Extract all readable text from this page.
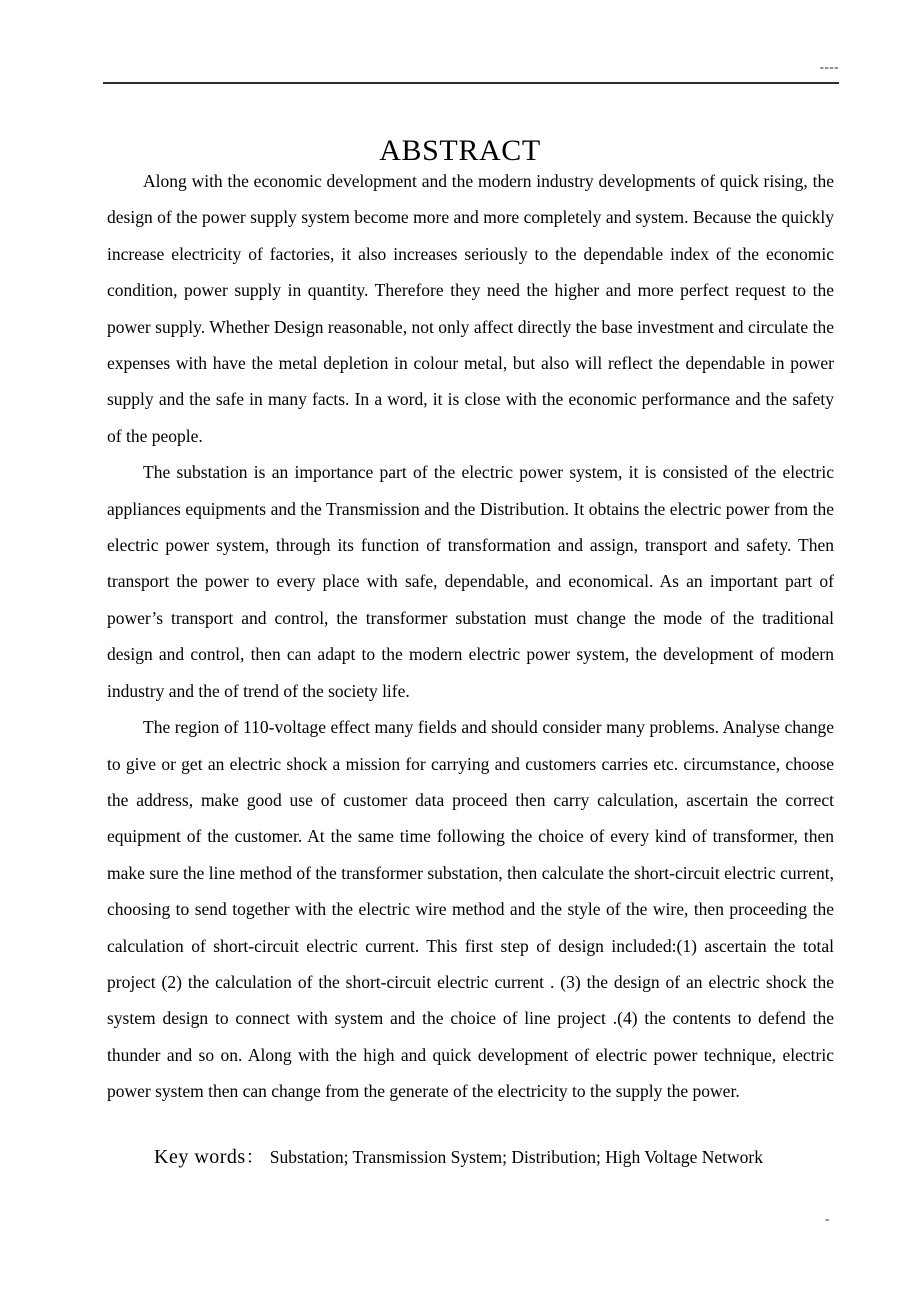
----
ABSTRACT

Along with the economic development and the modern industry developments of quick rising, the design of the power supply system become more and more completely and system. Because the quickly increase electricity of factories, it also increases seriously to the dependable index of the economic condition, power supply in quantity. Therefore they need the higher and more perfect request to the power supply. Whether Design reasonable, not only affect directly the base investment and circulate the expenses with have the metal depletion in colour metal, but also will reflect the dependable in power supply and the safe in many facts. In a word, it is close with the economic performance and the safety of the people.

The substation is an importance part of the electric power system, it is consisted of the electric appliances equipments and the Transmission and the Distribution. It obtains the electric power from the electric power system, through its function of transformation and assign, transport and safety. Then transport the power to every place with safe, dependable, and economical. As an important part of power’s transport and control, the transformer substation must change the mode of the traditional design and control, then can adapt to the modern electric power system, the development of modern industry and the of trend of the society life.

The region of 110-voltage effect many fields and should consider many problems. Analyse change to give or get an electric shock a mission for carrying and customers carries etc. circumstance, choose the address, make good use of customer data proceed then carry calculation, ascertain the correct equipment of the customer. At the same time following the choice of every kind of transformer, then make sure the line method of the transformer substation, then calculate the short-circuit electric current, choosing to send together with the electric wire method and the style of the wire, then proceeding the calculation of short-circuit electric current. This first step of design included:(1) ascertain the total project (2) the calculation of the short-circuit electric current . (3) the design of an electric shock the system design to connect with system and the choice of line project .(4) the contents to defend the thunder and so on. Along with the high and quick development of electric power technique, electric power system then can change from the generate of the electricity to the supply the power.

Key words： Substation; Transmission System; Distribution; High Voltage Network
-
